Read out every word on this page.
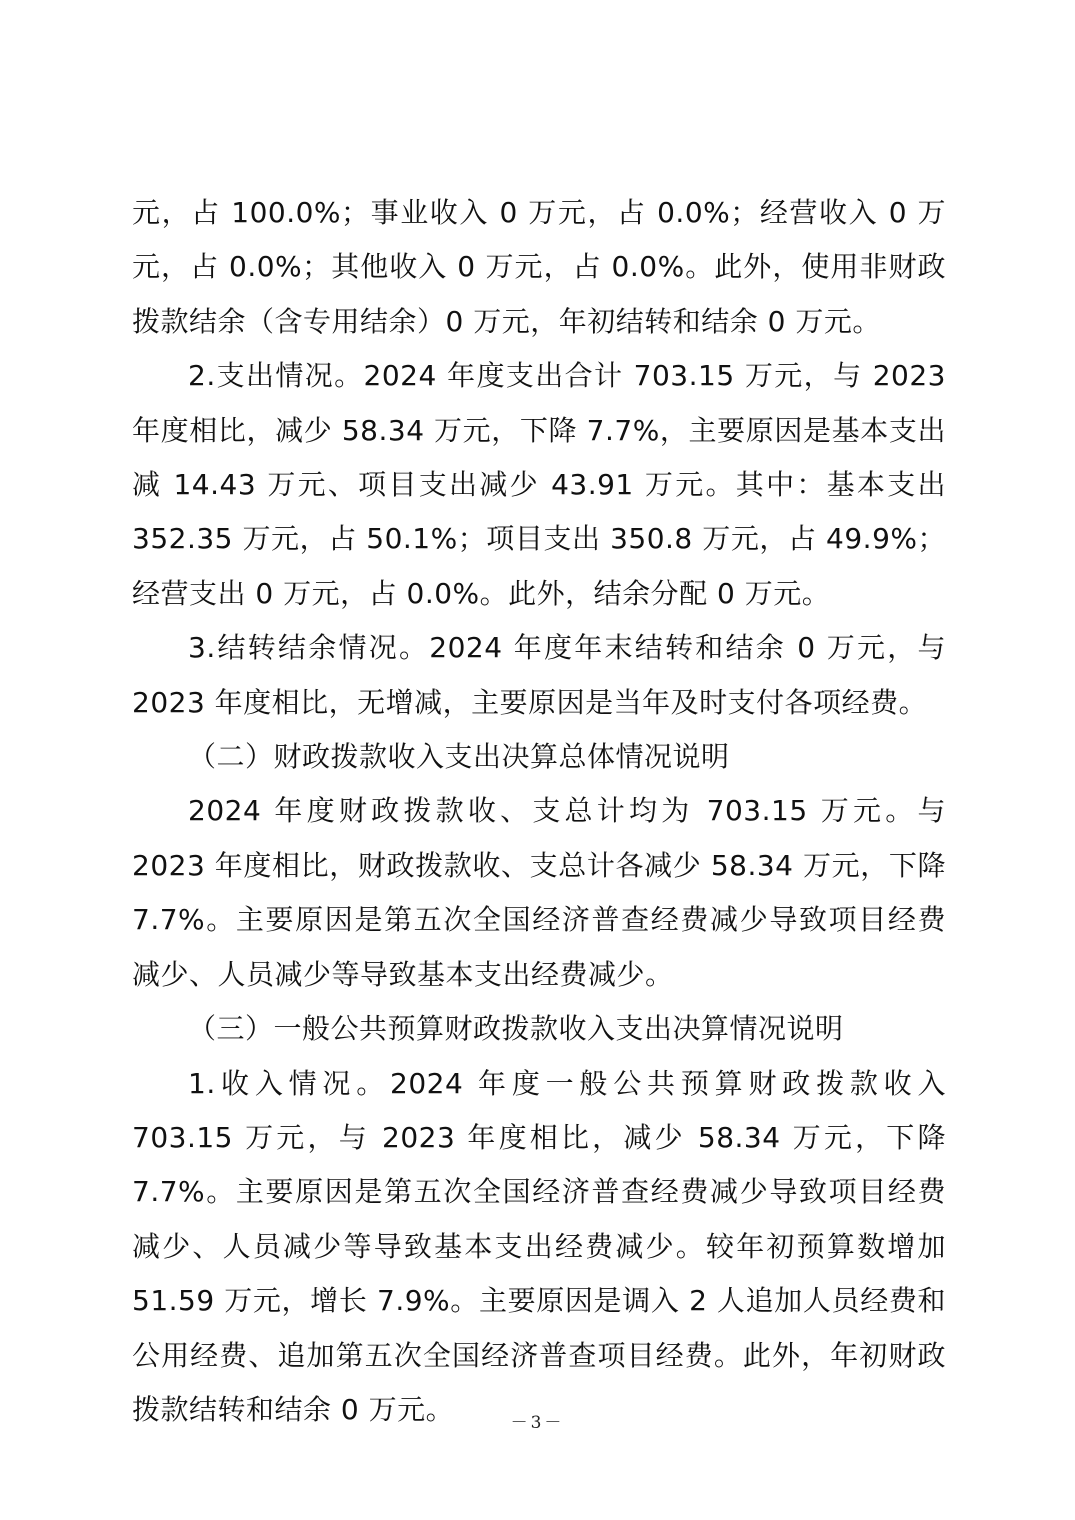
元，占 100.0%；事业收入 0 万元，占 0.0%；经营收入 0 万元，占 0.0%；其他收入 0 万元，占 0.0%。此外，使用非财政拨款结余（含专用结余）0 万元，年初结转和结余 0 万元。

2.支出情况。2024 年度支出合计 703.15 万元，与 2023 年度相比，减少 58.34 万元，下降 7.7%，主要原因是基本支出减 14.43 万元、项目支出减少 43.91 万元。其中：基本支出 352.35 万元，占 50.1%；项目支出 350.8 万元，占 49.9%；经营支出 0 万元，占 0.0%。此外，结余分配 0 万元。

3.结转结余情况。2024 年度年末结转和结余 0 万元，与 2023 年度相比，无增减，主要原因是当年及时支付各项经费。

（二）财政拨款收入支出决算总体情况说明

2024 年度财政拨款收、支总计均为 703.15 万元。与 2023 年度相比，财政拨款收、支总计各减少 58.34 万元，下降 7.7%。主要原因是第五次全国经济普查经费减少导致项目经费减少、人员减少等导致基本支出经费减少。

（三）一般公共预算财政拨款收入支出决算情况说明

1.收入情况。2024 年度一般公共预算财政拨款收入 703.15 万元，与 2023 年度相比，减少 58.34 万元，下降 7.7%。主要原因是第五次全国经济普查经费减少导致项目经费减少、人员减少等导致基本支出经费减少。较年初预算数增加 51.59 万元，增长 7.9%。主要原因是调入 2 人追加人员经费和公用经费、追加第五次全国经济普查项目经费。此外，年初财政拨款结转和结余 0 万元。	－3－
